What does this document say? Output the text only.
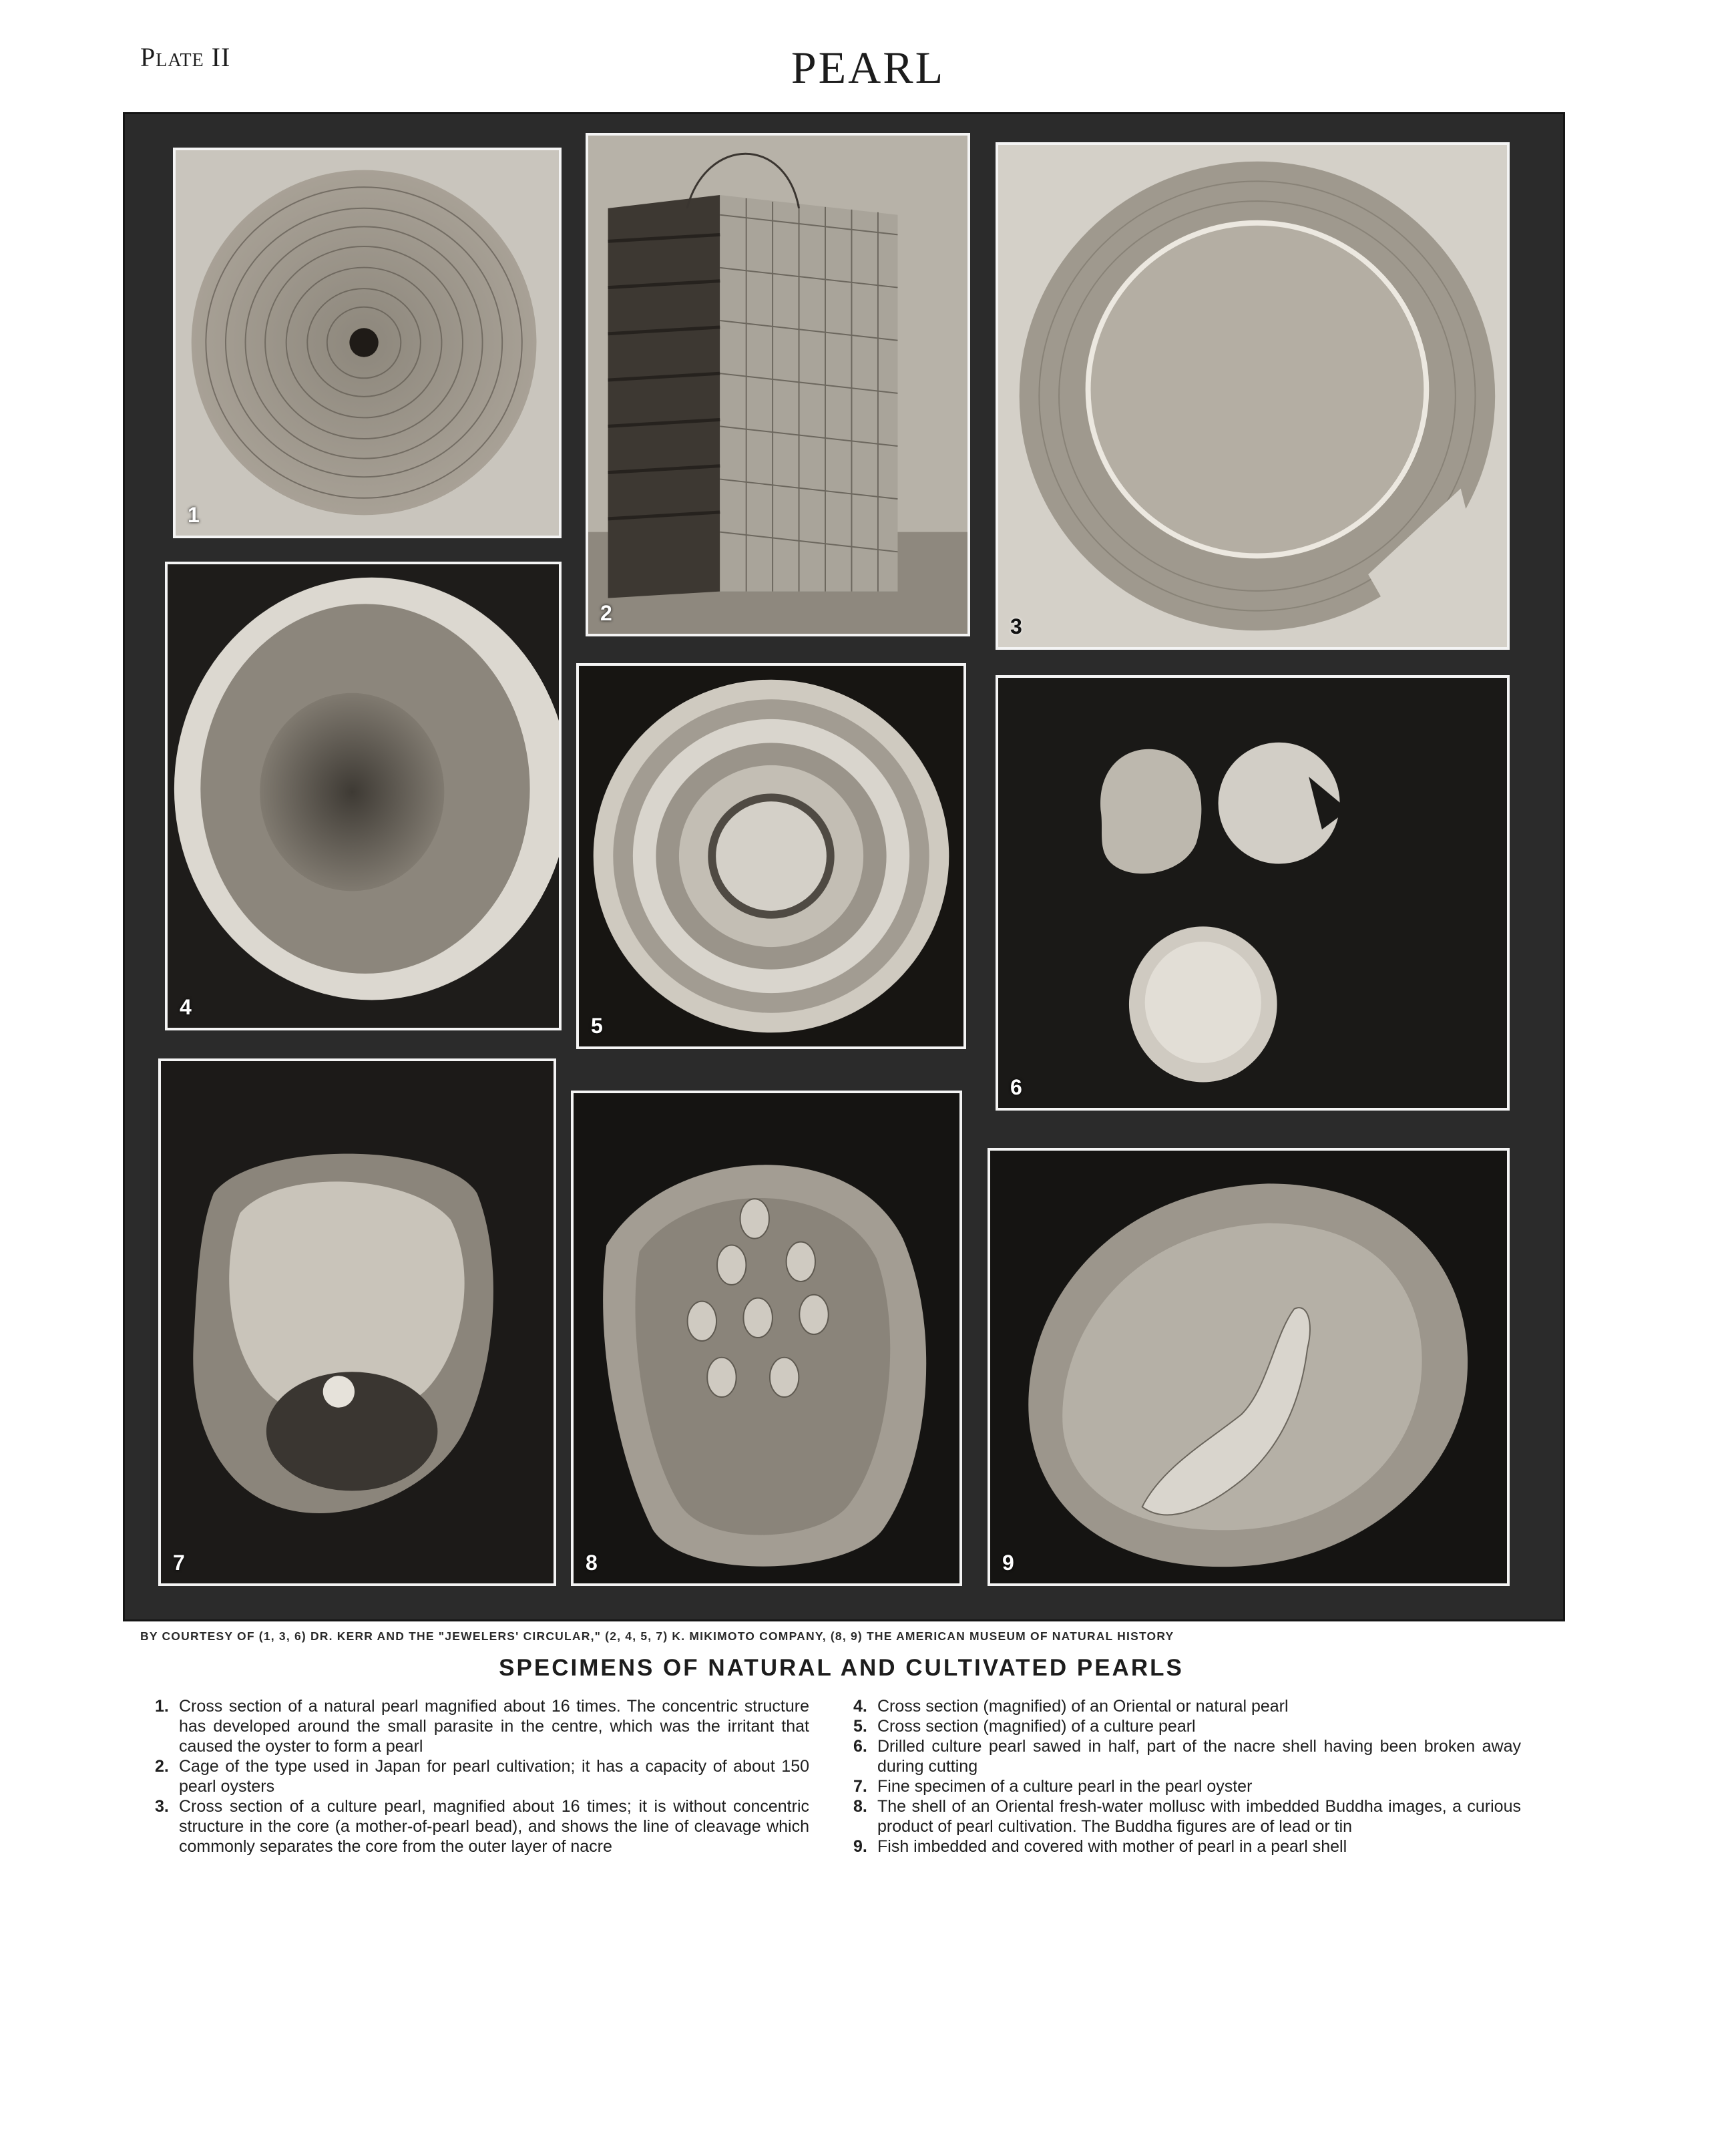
Plate II	PEARL
1
2
3
4
5
6
7	8	9
BY COURTESY OF (1, 3, 6) DR. KERR AND THE "JEWELERS' CIRCULAR," (2, 4, 5, 7) K. MIKIMOTO COMPANY, (8, 9) THE AMERICAN MUSEUM OF NATURAL HISTORY
SPECIMENS OF NATURAL AND CULTIVATED PEARLS
1. Cross section of a natural pearl magnified about 16 times. The concentric structure has developed around the small parasite in the centre, which was the irritant that caused the oyster to form a pearl
2. Cage of the type used in Japan for pearl cultivation; it has a capacity of about 150 pearl oysters
3. Cross section of a culture pearl, magnified about 16 times; it is without concentric structure in the core (a mother-of-pearl bead), and shows the line of cleavage which commonly separates the core from the outer layer of nacre
4. Cross section (magnified) of an Oriental or natural pearl
5. Cross section (magnified) of a culture pearl
6. Drilled culture pearl sawed in half, part of the nacre shell having been broken away during cutting
7. Fine specimen of a culture pearl in the pearl oyster
8. The shell of an Oriental fresh-water mollusc with imbedded Buddha images, a curious product of pearl cultivation. The Buddha figures are of lead or tin
9. Fish imbedded and covered with mother of pearl in a pearl shell
